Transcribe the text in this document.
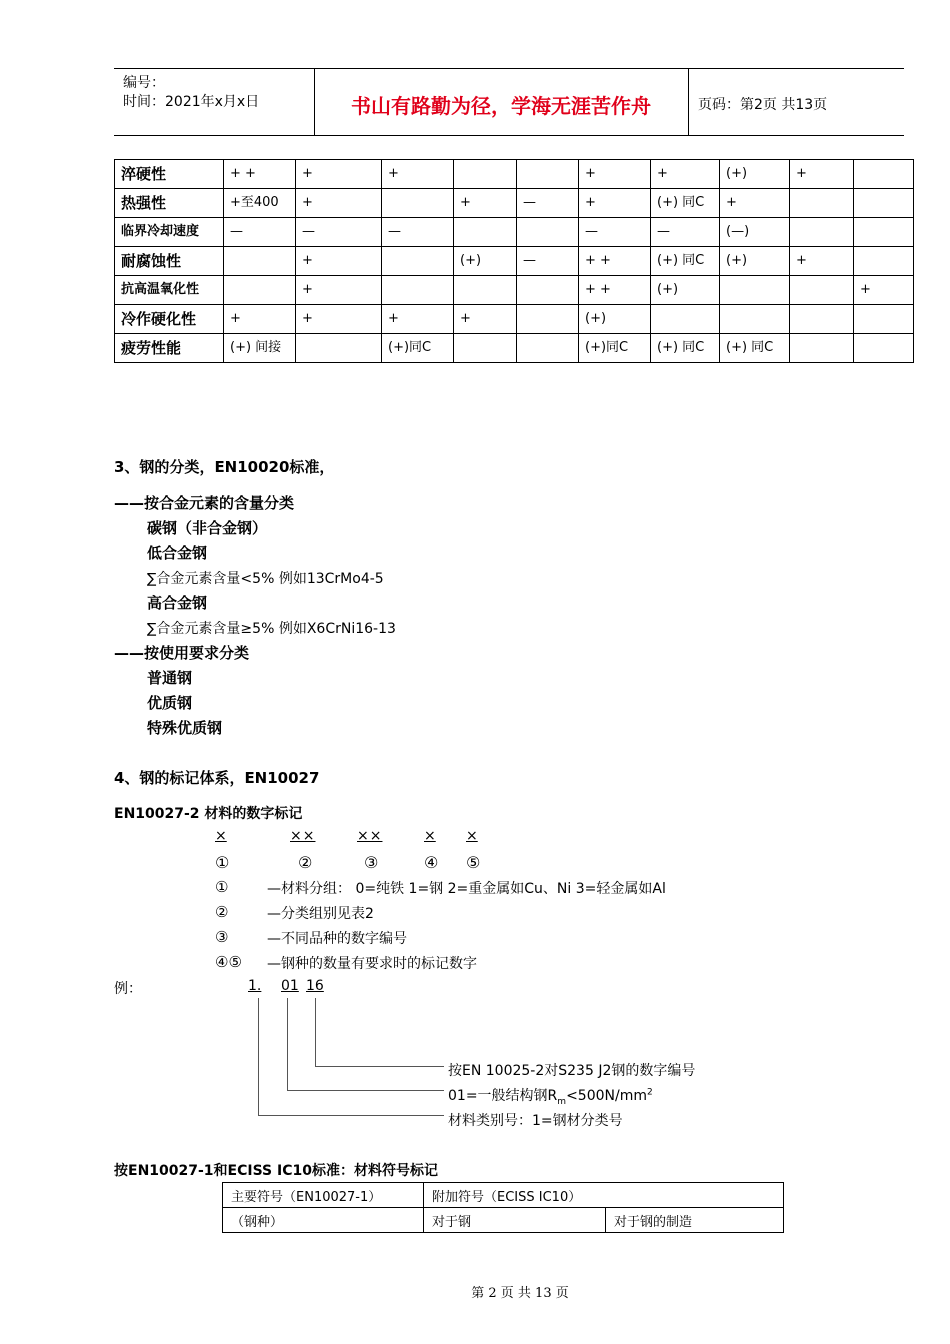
编号：
时间：2021年x月x日	书山有路勤为径，学海无涯苦作舟	页码：第2页 共13页
淬硬性	+ +	+	+			+	+	(+)	+	
热强性	+至400	+		+	—	+	(+) 同C	+		
临界冷却速度	—	—	—			—	—	(—)		
耐腐蚀性		+		(+)	—	+ +	(+) 同C	(+)	+	
抗高温氧化性		+				+ +	(+)			+
冷作硬化性	+	+	+	+		(+)				
疲劳性能	(+) 间接		(+)同C			(+)同C	(+) 同C	(+) 同C		
3、钢的分类，EN10020标准，
——按合金元素的含量分类
碳钢（非合金钢）
低合金钢
∑合金元素含量<5% 例如13CrMo4-5
高合金钢
∑合金元素含量≥5% 例如X6CrNi16-13
——按使用要求分类
普通钢
优质钢
特殊优质钢
4、钢的标记体系，EN10027
EN10027-2 材料的数字标记
×	××	××	× ×
①	②	③	④ ⑤
①	—材料分组： 0=纯铁 1=钢 2=重金属如Cu、Ni 3=轻金属如Al
②	—分类组别见表2
③	—不同品种的数字编号
④⑤ —钢种的数量有要求时的标记数字
例：	1. 01 16
按EN 10025-2对S235 J2钢的数字编号
01=一般结构钢$R_m<500N/mm^2$
材料类别号：1=钢材分类号
按EN10027-1和ECISS IC10标准：材料符号标记
主要符号（EN10027-1）	附加符号（ECISS IC10）	
（钢种）	对于钢	对于钢的制造
第 2 页 共 13 页
